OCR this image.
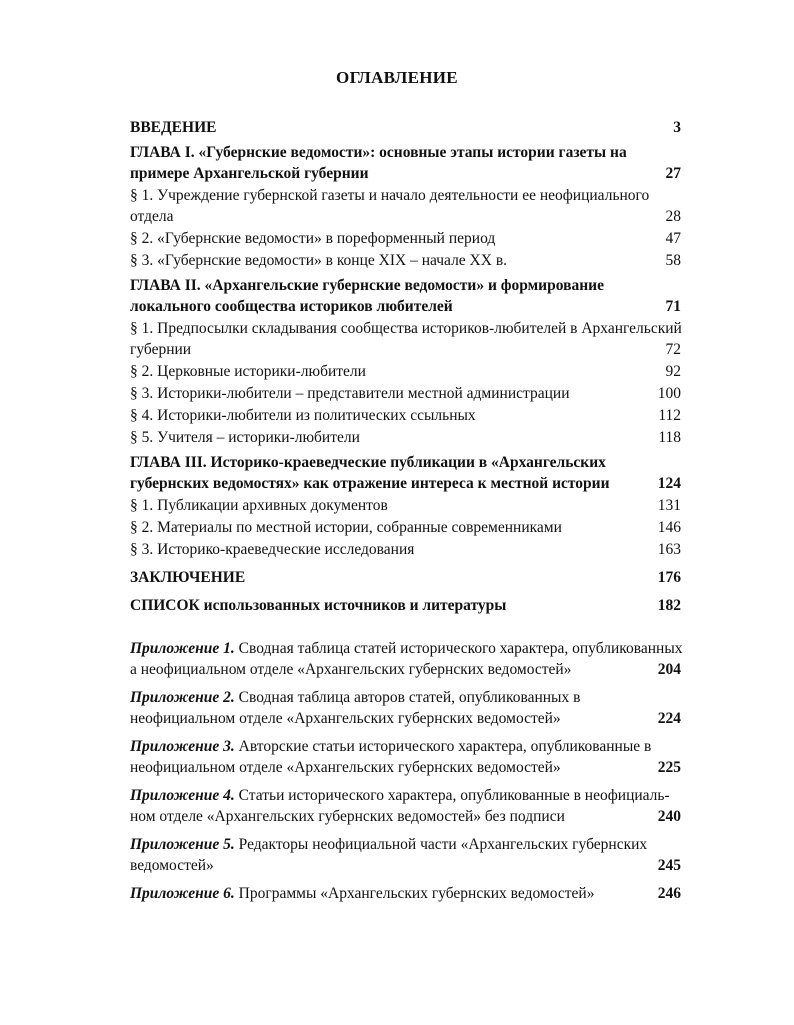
ОГЛАВЛЕНИЕ
ВВЕДЕНИЕ	3
ГЛАВА I. «Губернские ведомости»: основные этапы истории газеты на
примере Архангельской губернии	27
§ 1. Учреждение губернской газеты и начало деятельности ее неофициального
отдела	28
§ 2. «Губернские ведомости» в пореформенный период	47
§ 3. «Губернские ведомости» в конце XIX – начале XX в.	58
ГЛАВА II. «Архангельские губернские ведомости» и формирование
локального сообщества историков любителей	71
§ 1. Предпосылки складывания сообщества историков-любителей в Архангельский
губернии	72
§ 2. Церковные историки-любители	92
§ 3. Историки-любители – представители местной администрации	100
§ 4. Историки-любители из политических ссыльных	112
§ 5. Учителя – историки-любители	118
ГЛАВА III. Историко-краеведческие публикации в «Архангельских
губернских ведомостях» как отражение интереса к местной истории	124
§ 1. Публикации архивных документов	131
§ 2. Материалы по местной истории, собранные современниками	146
§ 3. Историко-краеведческие исследования	163
ЗАКЛЮЧЕНИЕ	176
СПИСОК использованных источников и литературы	182
Приложение 1. Сводная таблица статей исторического характера, опубликованных
а неофициальном отделе «Архангельских губернских ведомостей»	204
Приложение 2. Сводная таблица авторов статей, опубликованных в
неофициальном отделе «Архангельских губернских ведомостей»	224
Приложение 3. Авторские статьи исторического характера, опубликованные в
неофициальном отделе «Архангельских губернских ведомостей»	225
Приложение 4. Статьи исторического характера, опубликованные в неофициаль-
ном отделе «Архангельских губернских ведомостей» без подписи	240
Приложение 5. Редакторы неофициальной части «Архангельских губернских
ведомостей»	245
Приложение 6. Программы «Архангельских губернских ведомостей»	246
